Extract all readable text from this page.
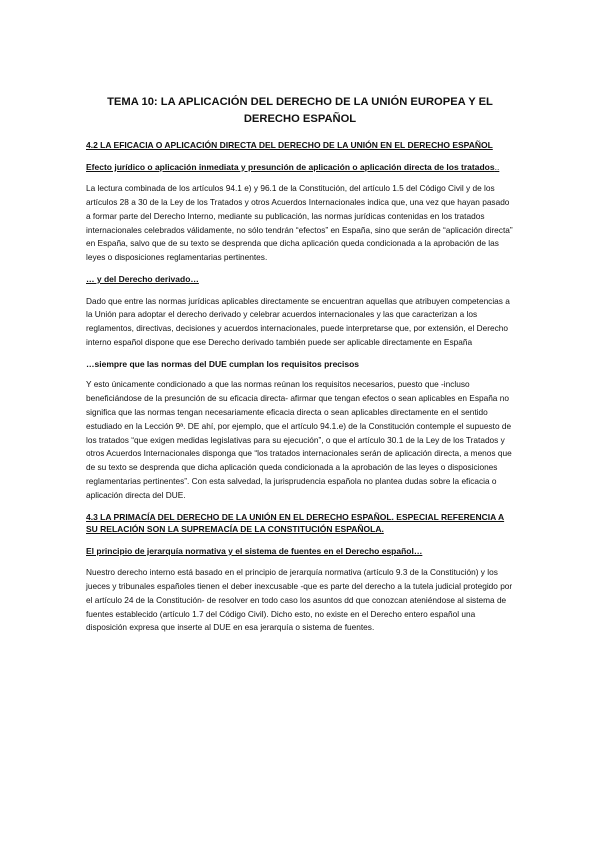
TEMA 10: LA APLICACIÓN DEL DERECHO DE LA UNIÓN EUROPEA Y EL DERECHO ESPAÑOL
4.2 LA EFICACIA O APLICACIÓN DIRECTA DEL DERECHO DE LA UNIÓN EN EL DERECHO ESPAÑOL
Efecto jurídico o aplicación inmediata y presunción de aplicación o aplicación directa de los tratados..
La lectura combinada de los artículos 94.1 e) y 96.1 de la Constitución, del artículo 1.5 del Código Civil y de los artículos 28 a 30 de la Ley de los Tratados y otros Acuerdos Internacionales indica que, una vez que hayan pasado a formar parte del Derecho Interno, mediante su publicación, las normas jurídicas contenidas en los tratados internacionales celebrados válidamente, no sólo tendrán “efectos” en España, sino que serán de “aplicación directa” en España, salvo que de su texto se desprenda que dicha aplicación queda condicionada a la aprobación de las leyes o disposiciones reglamentarias pertinentes.
… y del Derecho derivado…
Dado que entre las normas jurídicas aplicables directamente se encuentran aquellas que atribuyen competencias a la Unión para adoptar el derecho derivado y celebrar acuerdos internacionales y las que caracterizan a los reglamentos, directivas, decisiones y acuerdos internacionales, puede interpretarse que, por extensión, el Derecho interno español dispone que ese Derecho derivado también puede ser aplicable directamente en España
…siempre que las normas del DUE cumplan los requisitos precisos
Y esto únicamente condicionado a que las normas reúnan los requisitos necesarios, puesto que -incluso beneficiándose de la presunción de su eficacia directa- afirmar que tengan efectos o sean aplicables en España no significa que las normas tengan necesariamente eficacia directa o sean aplicables directamente en el sentido estudiado en la Lección 9ª. DE ahí, por ejemplo, que el artículo 94.1.e) de la Constitución contemple el supuesto de los tratados “que exigen medidas legislativas para su ejecución”, o que el artículo 30.1 de la Ley de los Tratados y otros Acuerdos Internacionales disponga que “los tratados internacionales serán de aplicación directa, a menos que de su texto se desprenda que dicha aplicación queda condicionada a la aprobación de las leyes o disposiciones reglamentarias pertinentes”. Con esta salvedad, la jurisprudencia española no plantea dudas sobre la eficacia o aplicación directa del DUE.
4.3 LA PRIMACÍA DEL DERECHO DE LA UNIÓN EN EL DERECHO ESPAÑOL. ESPECIAL REFERENCIA A SU RELACIÓN SON LA SUPREMACÍA DE LA CONSTITUCIÓN ESPAÑOLA.
El principio de jerarquía normativa y el sistema de fuentes en el Derecho español…
Nuestro derecho interno está basado en el principio de jerarquía normativa (artículo 9.3 de la Constitución) y los jueces y tribunales españoles tienen el deber inexcusable -que es parte del derecho a la tutela judicial protegido por el artículo 24 de la Constitución- de resolver en todo caso los asuntos dd que conozcan ateniéndose al sistema de fuentes establecido (artículo 1.7 del Código Civil). Dicho esto, no existe en el Derecho entero español una disposición expresa que inserte al DUE en esa jerarquía o sistema de fuentes.
